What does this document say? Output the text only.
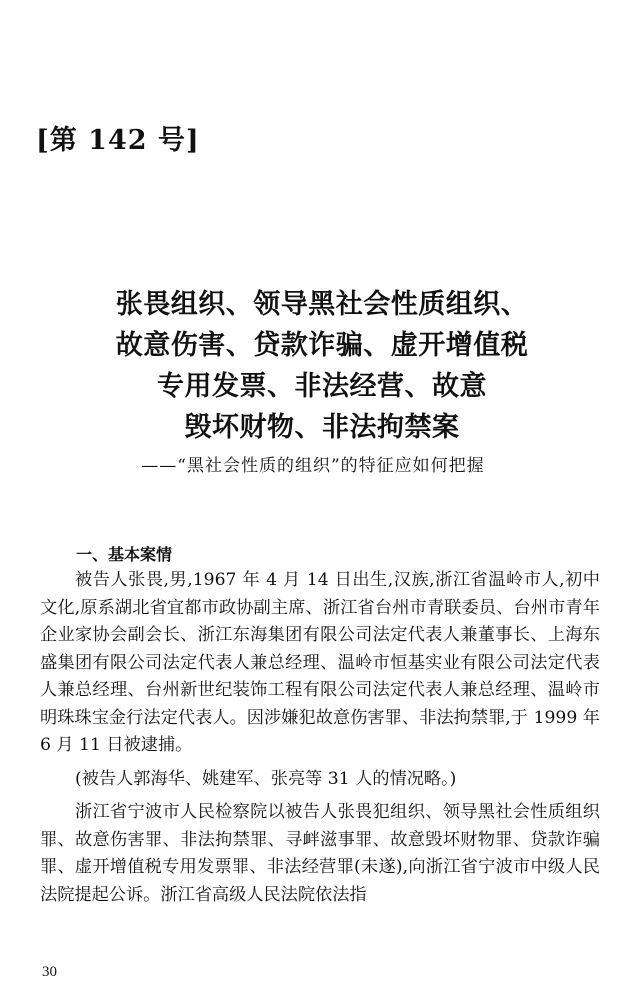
[第 142 号]
张畏组织、领导黑社会性质组织、
故意伤害、贷款诈骗、虚开增值税
专用发票、非法经营、故意
毁坏财物、非法拘禁案
——“黑社会性质的组织”的特征应如何把握
一、基本案情

被告人张畏,男,1967 年 4 月 14 日出生,汉族,浙江省温岭市人,初中文化,原系湖北省宜都市政协副主席、浙江省台州市青联委员、台州市青年企业家协会副会长、浙江东海集团有限公司法定代表人兼董事长、上海东盛集团有限公司法定代表人兼总经理、温岭市恒基实业有限公司法定代表人兼总经理、台州新世纪装饰工程有限公司法定代表人兼总经理、温岭市明珠珠宝金行法定代表人。因涉嫌犯故意伤害罪、非法拘禁罪,于 1999 年 6 月 11 日被逮捕。

(被告人郭海华、姚建军、张亮等 31 人的情况略。)

浙江省宁波市人民检察院以被告人张畏犯组织、领导黑社会性质组织罪、故意伤害罪、非法拘禁罪、寻衅滋事罪、故意毁坏财物罪、贷款诈骗罪、虚开增值税专用发票罪、非法经营罪(未遂),向浙江省宁波市中级人民法院提起公诉。浙江省高级人民法院依法指

30
